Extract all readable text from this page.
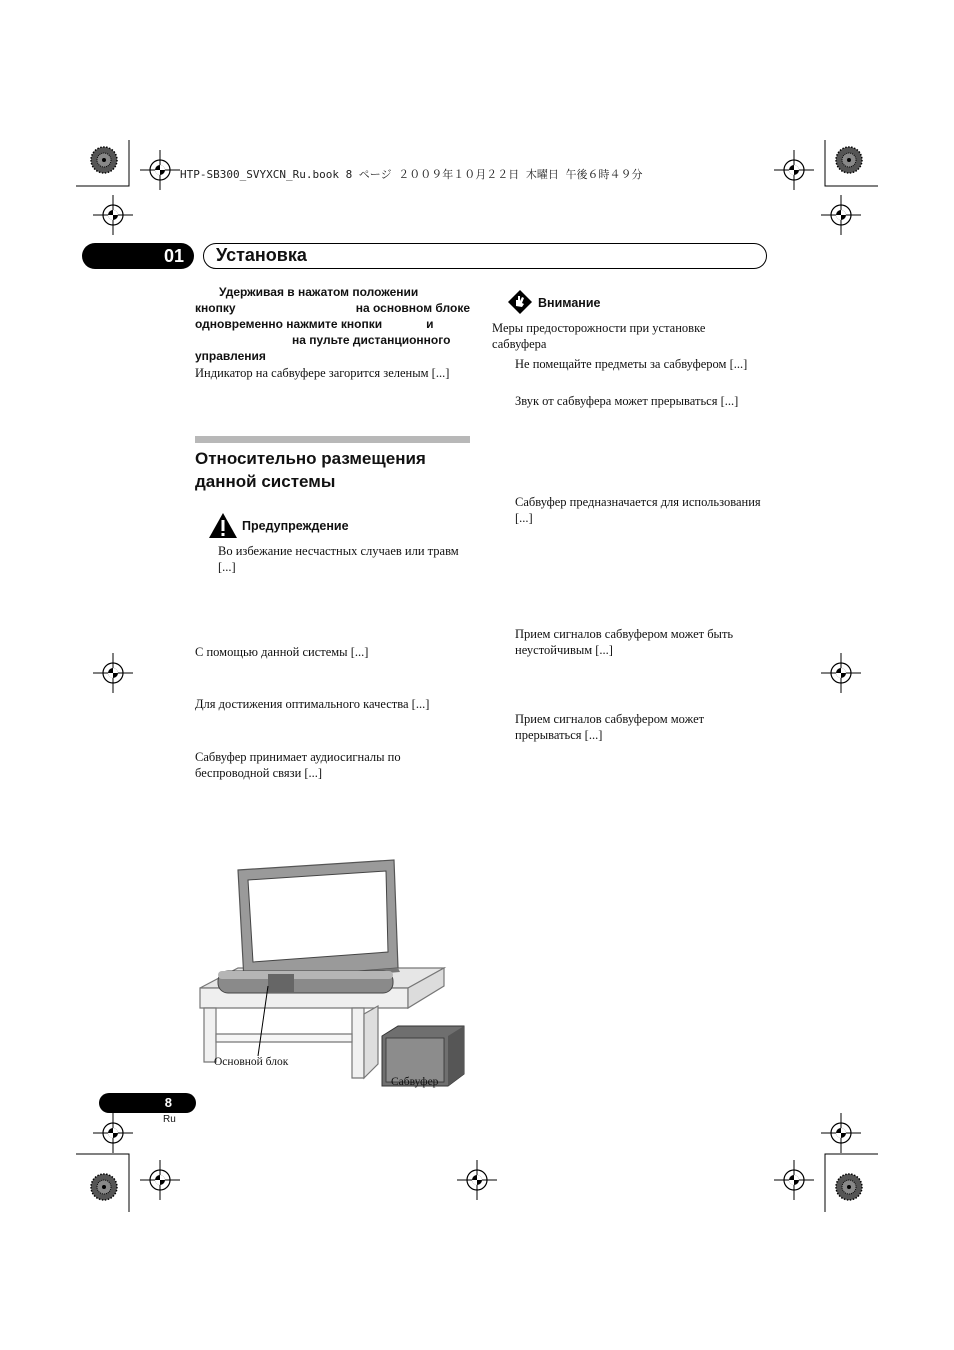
HTP-SB300_SVYXCN_Ru.book 8 ページ ２００９年１０月２２日 木曜日 午後６時４９分
01	Установка
Удерживая в нажатом положении
кнопку	на основном блоке
одновременно нажмите кнопки	и
на пульте дистанционного
управления

Индикатор на сабвуфере загорится зеленым [...]

Относительно размещения
данной системы
Предупреждение

Во избежание несчастных случаев или травм [...]

С помощью данной системы [...]

Для достижения оптимального качества [...]

Сабвуфер принимает аудиосигналы по беспроводной связи [...]

Основной блок
Сабвуфер
Внимание

Меры предосторожности при установке сабвуфера

Не помещайте предметы за сабвуфером [...]

Звук от сабвуфера может прерываться [...]

Сабвуфер предназначается для использования [...]

Прием сигналов сабвуфером может быть неустойчивым [...]

Прием сигналов сабвуфером может прерываться [...]

8
Ru
